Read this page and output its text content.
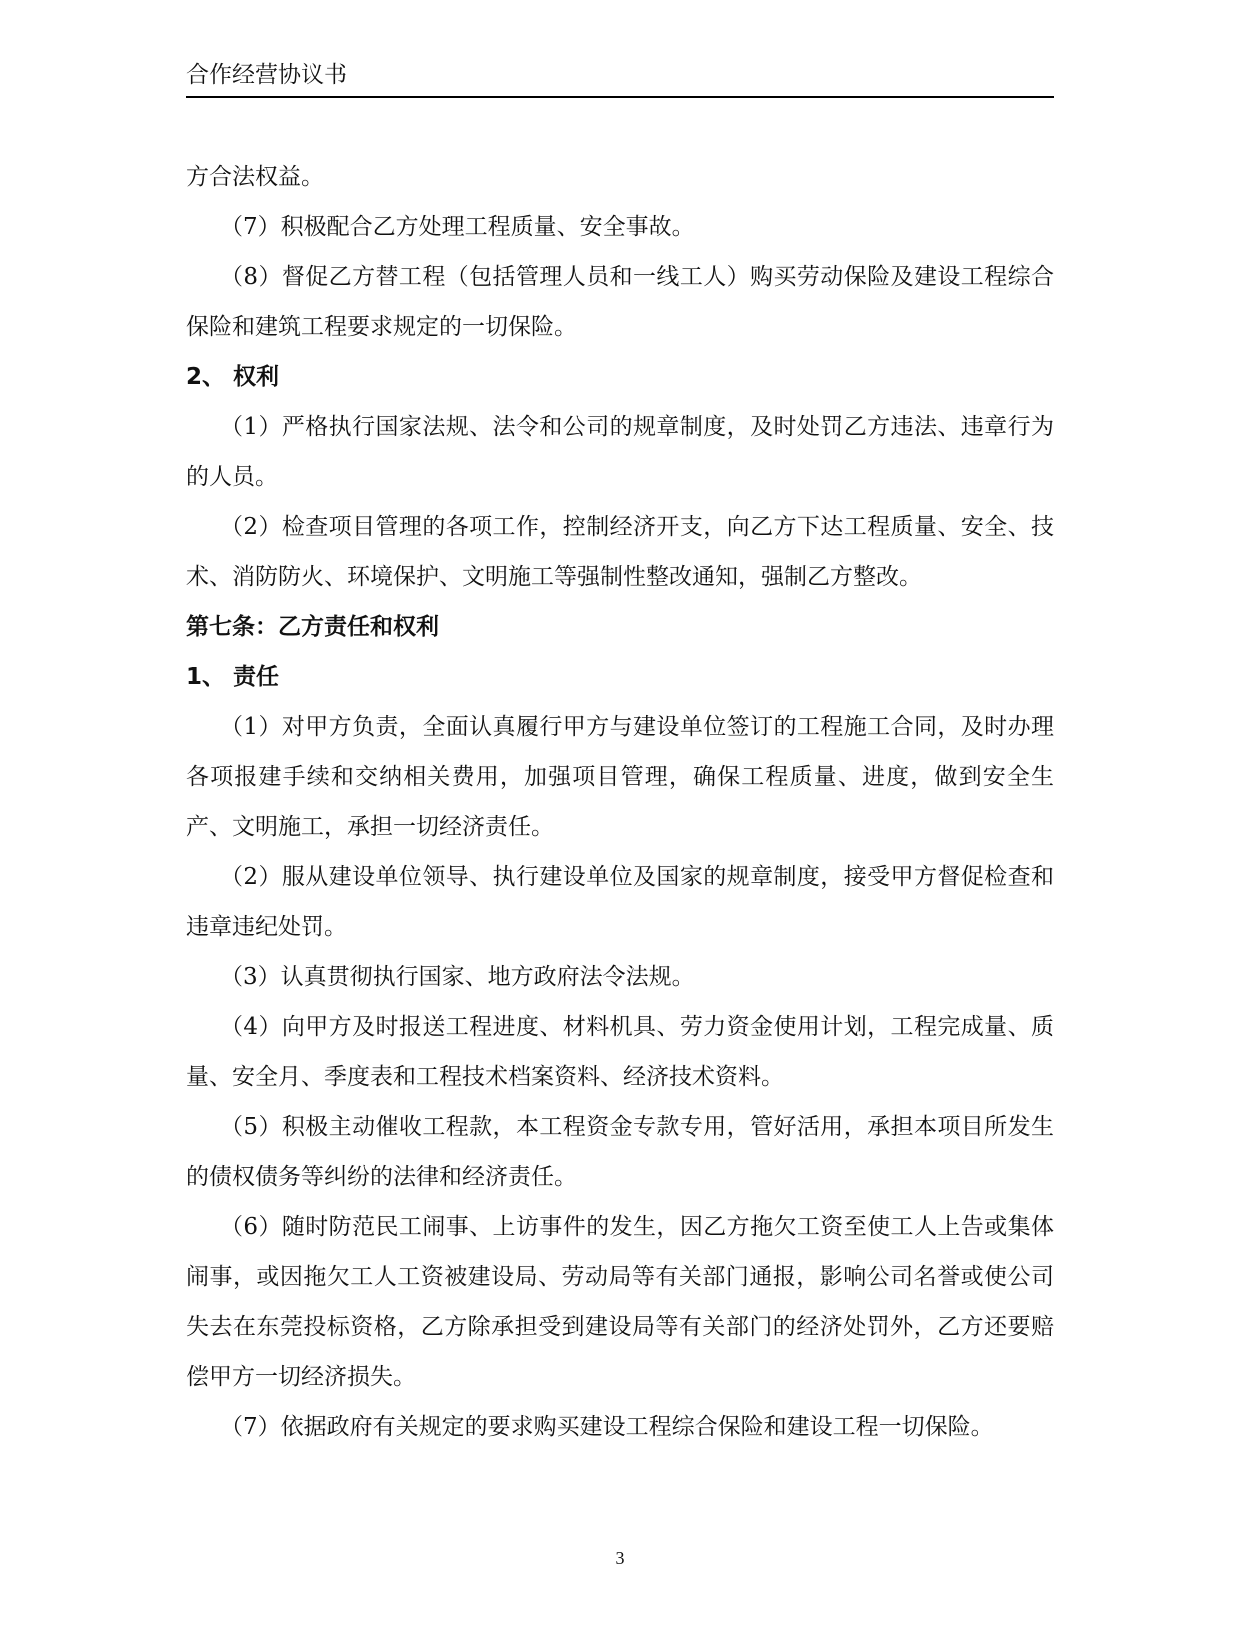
合作经营协议书

方合法权益。

（7）积极配合乙方处理工程质量、安全事故。

（8）督促乙方替工程（包括管理人员和一线工人）购买劳动保险及建设工程综合保险和建筑工程要求规定的一切保险。

2、 权利

（1）严格执行国家法规、法令和公司的规章制度，及时处罚乙方违法、违章行为的人员。

（2）检查项目管理的各项工作，控制经济开支，向乙方下达工程质量、安全、技术、消防防火、环境保护、文明施工等强制性整改通知，强制乙方整改。

第七条：乙方责任和权利

1、 责任

（1）对甲方负责，全面认真履行甲方与建设单位签订的工程施工合同，及时办理各项报建手续和交纳相关费用，加强项目管理，确保工程质量、进度，做到安全生产、文明施工，承担一切经济责任。

（2）服从建设单位领导、执行建设单位及国家的规章制度，接受甲方督促检查和违章违纪处罚。

（3）认真贯彻执行国家、地方政府法令法规。

（4）向甲方及时报送工程进度、材料机具、劳力资金使用计划，工程完成量、质量、安全月、季度表和工程技术档案资料、经济技术资料。

（5）积极主动催收工程款，本工程资金专款专用，管好活用，承担本项目所发生的债权债务等纠纷的法律和经济责任。

（6）随时防范民工闹事、上访事件的发生，因乙方拖欠工资至使工人上告或集体闹事，或因拖欠工人工资被建设局、劳动局等有关部门通报，影响公司名誉或使公司失去在东莞投标资格，乙方除承担受到建设局等有关部门的经济处罚外，乙方还要赔偿甲方一切经济损失。

（7）依据政府有关规定的要求购买建设工程综合保险和建设工程一切保险。

3
